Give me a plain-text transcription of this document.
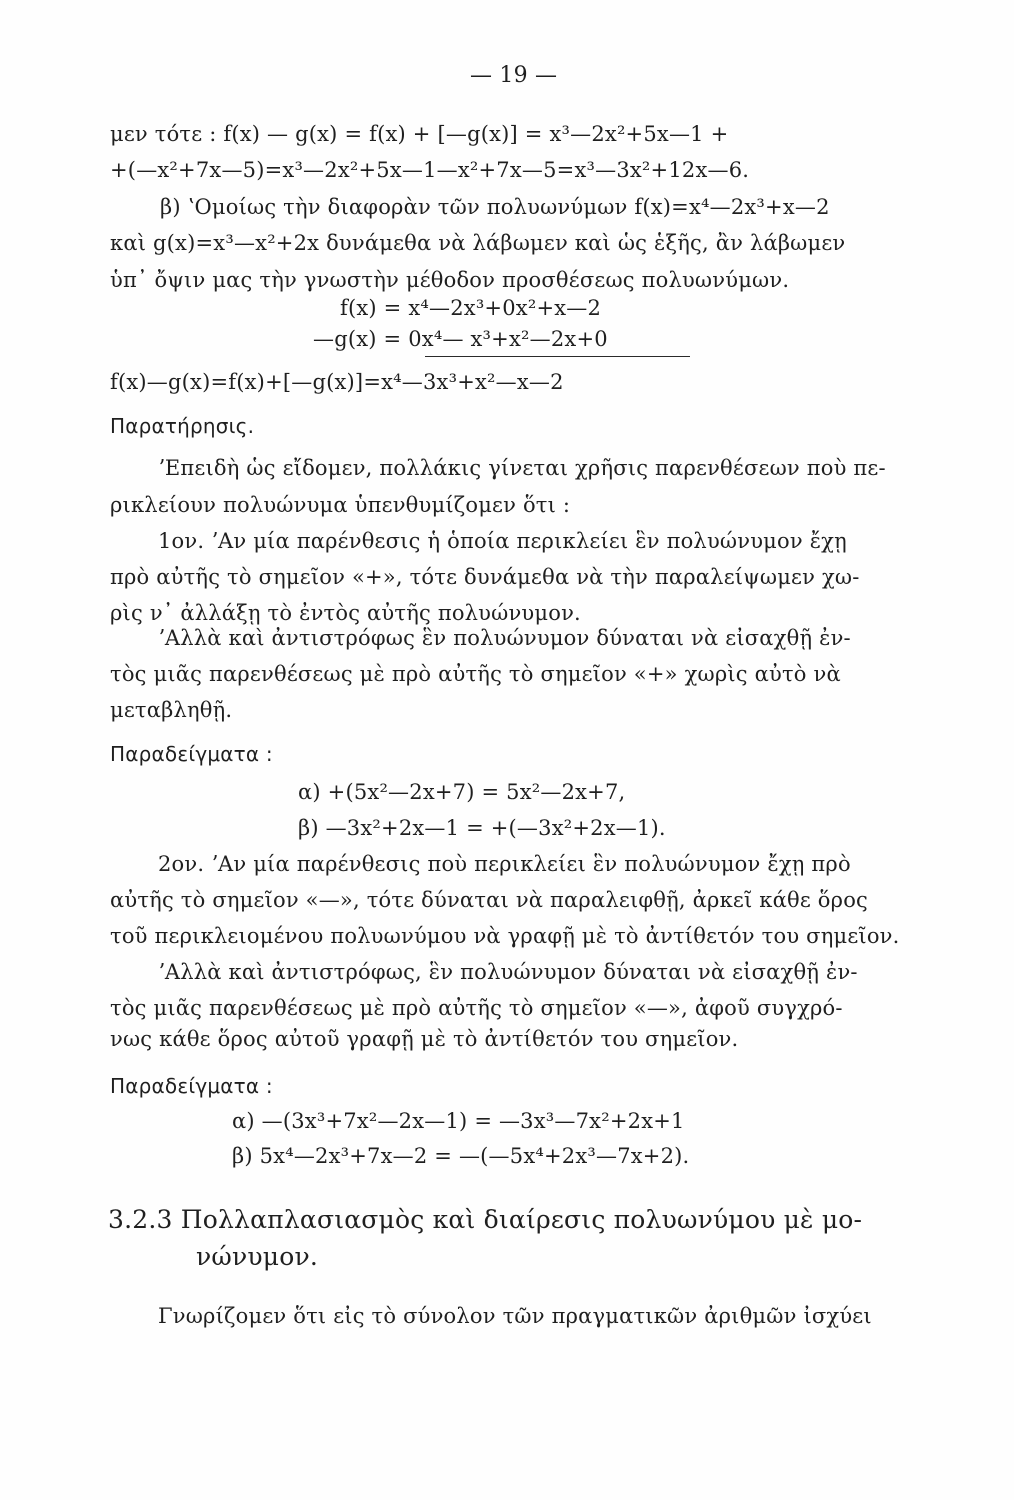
— 19 —
μεν τότε : f(x) — g(x) = f(x) + [—g(x)] = x³—2x²+5x—1 +
+(—x²+7x—5)=x³—2x²+5x—1—x²+7x—5=x³—3x²+12x—6.
β) ʽΟμοίως τὴν διαφορὰν τῶν πολυωνύμων f(x)=x⁴—2x³+x—2
καὶ g(x)=x³—x²+2x δυνάμεθα νὰ λάβωμεν καὶ ὡς ἑξῆς, ἂν λάβωμεν
ὑπ᾽ ὄψιν μας τὴν γνωστὴν μέθοδον προσθέσεως πολυωνύμων.
f(x) = x⁴—2x³+0x²+x—2
—g(x) = 0x⁴— x³+x²—2x+0
f(x)—g(x)=f(x)+[—g(x)]=x⁴—3x³+x²—x—2
Παρατήρησις.
ʼΕπειδὴ ὡς εἴδομεν, πολλάκις γίνεται χρῆσις παρενθέσεων ποὺ πε-
ρικλείουν πολυώνυμα ὑπενθυμίζομεν ὅτι :
1ον. ʼΑν μία παρένθεσις ἡ ὁποία περικλείει ἓν πολυώνυμον ἔχῃ
πρὸ αὐτῆς τὸ σημεῖον «+», τότε δυνάμεθα νὰ τὴν παραλείψωμεν χω-
ρὶς ν᾽ ἀλλάξῃ τὸ ἐντὸς αὐτῆς πολυώνυμον.
ʼΑλλὰ καὶ ἀντιστρόφως ἓν πολυώνυμον δύναται νὰ εἰσαχθῇ ἐν-
τὸς μιᾶς παρενθέσεως μὲ πρὸ αὐτῆς τὸ σημεῖον «+» χωρὶς αὐτὸ νὰ
μεταβληθῇ.
Παραδείγματα :
α) +(5x²—2x+7) = 5x²—2x+7,
β) —3x²+2x—1 = +(—3x²+2x—1).
2ον. ʼΑν μία παρένθεσις ποὺ περικλείει ἓν πολυώνυμον ἔχῃ πρὸ
αὐτῆς τὸ σημεῖον «—», τότε δύναται νὰ παραλειφθῇ, ἀρκεῖ κάθε ὅρος
τοῦ περικλειομένου πολυωνύμου νὰ γραφῇ μὲ τὸ ἀντίθετόν του σημεῖον.
ʼΑλλὰ καὶ ἀντιστρόφως, ἓν πολυώνυμον δύναται νὰ εἰσαχθῇ ἐν-
τὸς μιᾶς παρενθέσεως μὲ πρὸ αὐτῆς τὸ σημεῖον «—», ἀφοῦ συγχρό-
νως κάθε ὅρος αὐτοῦ γραφῇ μὲ τὸ ἀντίθετόν του σημεῖον.
Παραδείγματα :
α) —(3x³+7x²—2x—1) = —3x³—7x²+2x+1
β) 5x⁴—2x³+7x—2 = —(—5x⁴+2x³—7x+2).
3.2.3 Πολλαπλασιασμὸς καὶ διαίρεσις πολυωνύμου μὲ μο-
νώνυμον.
Γνωρίζομεν ὅτι εἰς τὸ σύνολον τῶν πραγματικῶν ἀριθμῶν ἰσχύει
